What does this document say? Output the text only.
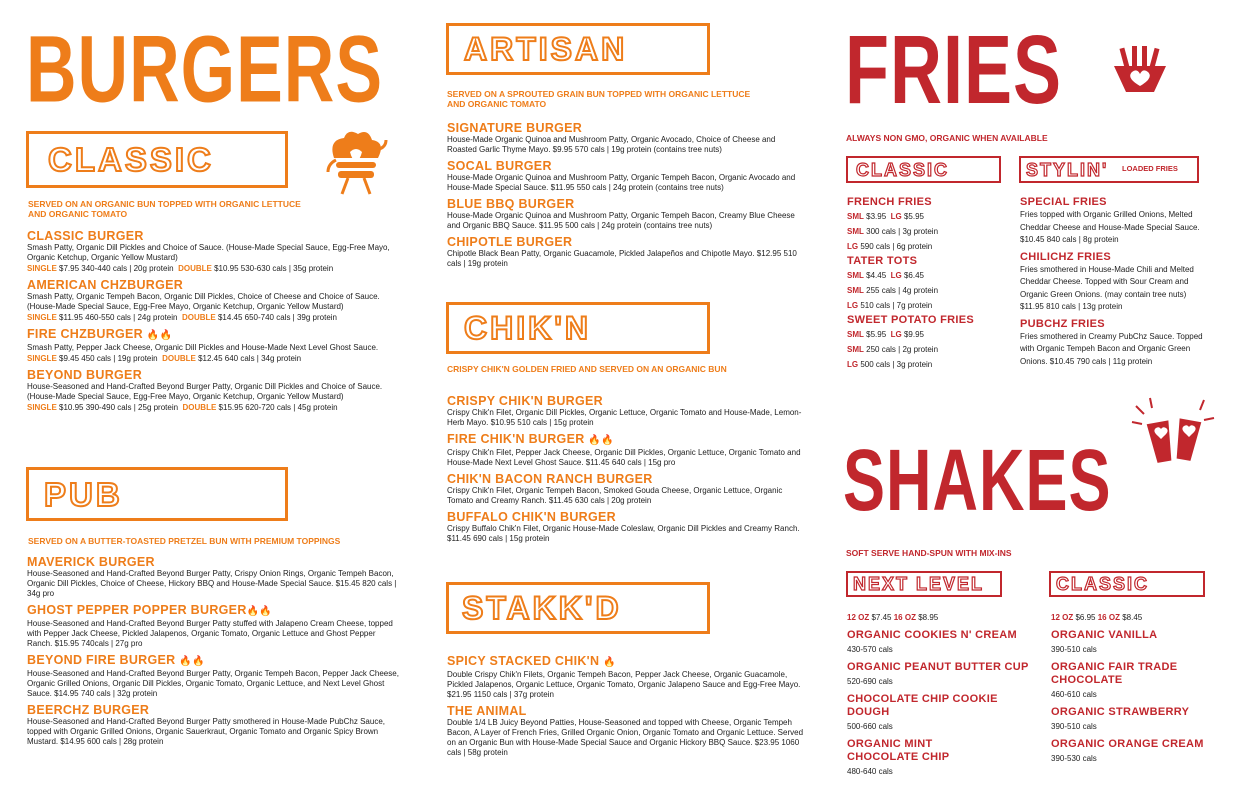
BURGERS
CLASSIC
SERVED ON AN ORGANIC BUN TOPPED WITH ORGANIC LETTUCE AND ORGANIC TOMATO
CLASSIC BURGER
Smash Patty, Organic Dill Pickles and Choice of Sauce. (House-Made Special Sauce, Egg-Free Mayo, Organic Ketchup, Organic Yellow Mustard)
SINGLE $7.95 340-440 cals | 20g protein DOUBLE $10.95 530-630 cals | 35g protein
AMERICAN CHZBURGER
Smash Patty, Organic Tempeh Bacon, Organic Dill Pickles, Choice of Cheese and Choice of Sauce. (House-Made Special Sauce, Egg-Free Mayo, Organic Ketchup, Organic Yellow Mustard)
SINGLE $11.95 460-550 cals | 24g protein DOUBLE $14.45 650-740 cals | 39g protein
FIRE CHZBURGER 🔥🔥
Smash Patty, Pepper Jack Cheese, Organic Dill Pickles and House-Made Next Level Ghost Sauce.
SINGLE $9.45 450 cals | 19g protein DOUBLE $12.45 640 cals | 34g protein
BEYOND BURGER
House-Seasoned and Hand-Crafted Beyond Burger Patty, Organic Dill Pickles and Choice of Sauce. (House-Made Special Sauce, Egg-Free Mayo, Organic Ketchup, Organic Yellow Mustard)
SINGLE $10.95 390-490 cals | 25g protein DOUBLE $15.95 620-720 cals | 45g protein
PUB
SERVED ON A BUTTER-TOASTED PRETZEL BUN WITH PREMIUM TOPPINGS
MAVERICK BURGER
House-Seasoned and Hand-Crafted Beyond Burger Patty, Crispy Onion Rings, Organic Tempeh Bacon, Organic Dill Pickles, Choice of Cheese, Hickory BBQ and House-Made Special Sauce. $15.45 820 cals | 34g pro
GHOST PEPPER POPPER BURGER🔥🔥
House-Seasoned and Hand-Crafted Beyond Burger Patty stuffed with Jalapeno Cream Cheese, topped with Pepper Jack Cheese, Pickled Jalapenos, Organic Tomato, Organic Lettuce and Ghost Pepper Ranch. $15.95 740cals | 27g pro
BEYOND FIRE BURGER 🔥🔥
House-Seasoned and Hand-Crafted Beyond Burger Patty, Organic Tempeh Bacon, Pepper Jack Cheese, Organic Grilled Onions, Organic Dill Pickles, Organic Tomato, Organic Lettuce, and Next Level Ghost Sauce. $14.95 740 cals | 32g protein
BEERCHZ BURGER
House-Seasoned and Hand-Crafted Beyond Burger Patty smothered in House-Made PubChz Sauce, topped with Organic Grilled Onions, Organic Sauerkraut, Organic Tomato and Organic Spicy Brown Mustard. $14.95 600 cals | 28g protein
ARTISAN
SERVED ON A SPROUTED GRAIN BUN TOPPED WITH ORGANIC LETTUCE AND ORGANIC TOMATO
SIGNATURE BURGER
House-Made Organic Quinoa and Mushroom Patty, Organic Avocado, Choice of Cheese and Roasted Garlic Thyme Mayo. $9.95 570 cals | 19g protein (contains tree nuts)
SOCAL BURGER
House-Made Organic Quinoa and Mushroom Patty, Organic Tempeh Bacon, Organic Avocado and House-Made Special Sauce. $11.95 550 cals | 24g protein (contains tree nuts)
BLUE BBQ BURGER
House-Made Organic Quinoa and Mushroom Patty, Organic Tempeh Bacon, Creamy Blue Cheese and Organic BBQ Sauce. $11.95 500 cals | 24g protein (contains tree nuts)
CHIPOTLE BURGER
Chipotle Black Bean Patty, Organic Guacamole, Pickled Jalapeños and Chipotle Mayo. $12.95 510 cals | 19g protein
CHIK'N
CRISPY CHIK'N GOLDEN FRIED AND SERVED ON AN ORGANIC BUN
CRISPY CHIK'N BURGER
Crispy Chik'n Filet, Organic Dill Pickles, Organic Lettuce, Organic Tomato and House-Made, Lemon-Herb Mayo. $10.95 510 cals | 15g protein
FIRE CHIK'N BURGER 🔥🔥
Crispy Chik'n Filet, Pepper Jack Cheese, Organic Dill Pickles, Organic Lettuce, Organic Tomato and House-Made Next Level Ghost Sauce. $11.45 640 cals | 15g pro
CHIK'N BACON RANCH BURGER
Crispy Chik'n Filet, Organic Tempeh Bacon, Smoked Gouda Cheese, Organic Lettuce, Organic Tomato and Creamy Ranch. $11.45 630 cals | 20g protein
BUFFALO CHIK'N BURGER
Crispy Buffalo Chik'n Filet, Organic House-Made Coleslaw, Organic Dill Pickles and Creamy Ranch. $11.45 690 cals | 15g protein
STAKK'D
SPICY STACKED CHIK'N 🔥
Double Crispy Chik'n Filets, Organic Tempeh Bacon, Pepper Jack Cheese, Organic Guacamole, Pickled Jalapenos, Organic Lettuce, Organic Tomato, Organic Jalapeno Sauce and Egg-Free Mayo. $21.95 1150 cals | 37g protein
THE ANIMAL
Double 1/4 LB Juicy Beyond Patties, House-Seasoned and topped with Cheese, Organic Tempeh Bacon, A Layer of French Fries, Grilled Organic Onion, Organic Tomato and Organic Lettuce. Served on an Organic Bun with House-Made Special Sauce and Organic Hickory BBQ Sauce. $23.95 1060 cals | 58g protein
FRIES
ALWAYS NON GMO, ORGANIC WHEN AVAILABLE
CLASSIC	STYLIN' LOADED FRIES
FRENCH FRIES
SML $3.95 LG $5.95
SML 300 cals | 3g protein
LG 590 cals | 6g protein
TATER TOTS
SML $4.45 LG $6.45
SML 255 cals | 4g protein
LG 510 cals | 7g protein
SWEET POTATO FRIES
SML $5.95 LG $9.95
SML 250 cals | 2g protein
LG 500 cals | 3g protein
SPECIAL FRIES
Fries topped with Organic Grilled Onions, Melted Cheddar Cheese and House-Made Special Sauce. $10.45 840 cals | 8g protein
CHILICHZ FRIES
Fries smothered in House-Made Chili and Melted Cheddar Cheese. Topped with Sour Cream and Organic Green Onions. (may contain tree nuts) $11.95 810 cals | 13g protein
PUBCHZ FRIES
Fries smothered in Creamy PubChz Sauce. Topped with Organic Tempeh Bacon and Organic Green Onions. $10.45 790 cals | 11g protein
SHAKES
SOFT SERVE HAND-SPUN WITH MIX-INS
NEXT LEVEL	CLASSIC
12 OZ $7.45 16 OZ $8.95
ORGANIC COOKIES N' CREAM
430-570 cals
ORGANIC PEANUT BUTTER CUP
520-690 cals
CHOCOLATE CHIP COOKIE DOUGH
500-660 cals
ORGANIC MINT CHOCOLATE CHIP
480-640 cals
12 OZ $6.95 16 OZ $8.45
ORGANIC VANILLA
390-510 cals
ORGANIC FAIR TRADE CHOCOLATE
460-610 cals
ORGANIC STRAWBERRY
390-510 cals
ORGANIC ORANGE CREAM
390-530 cals
